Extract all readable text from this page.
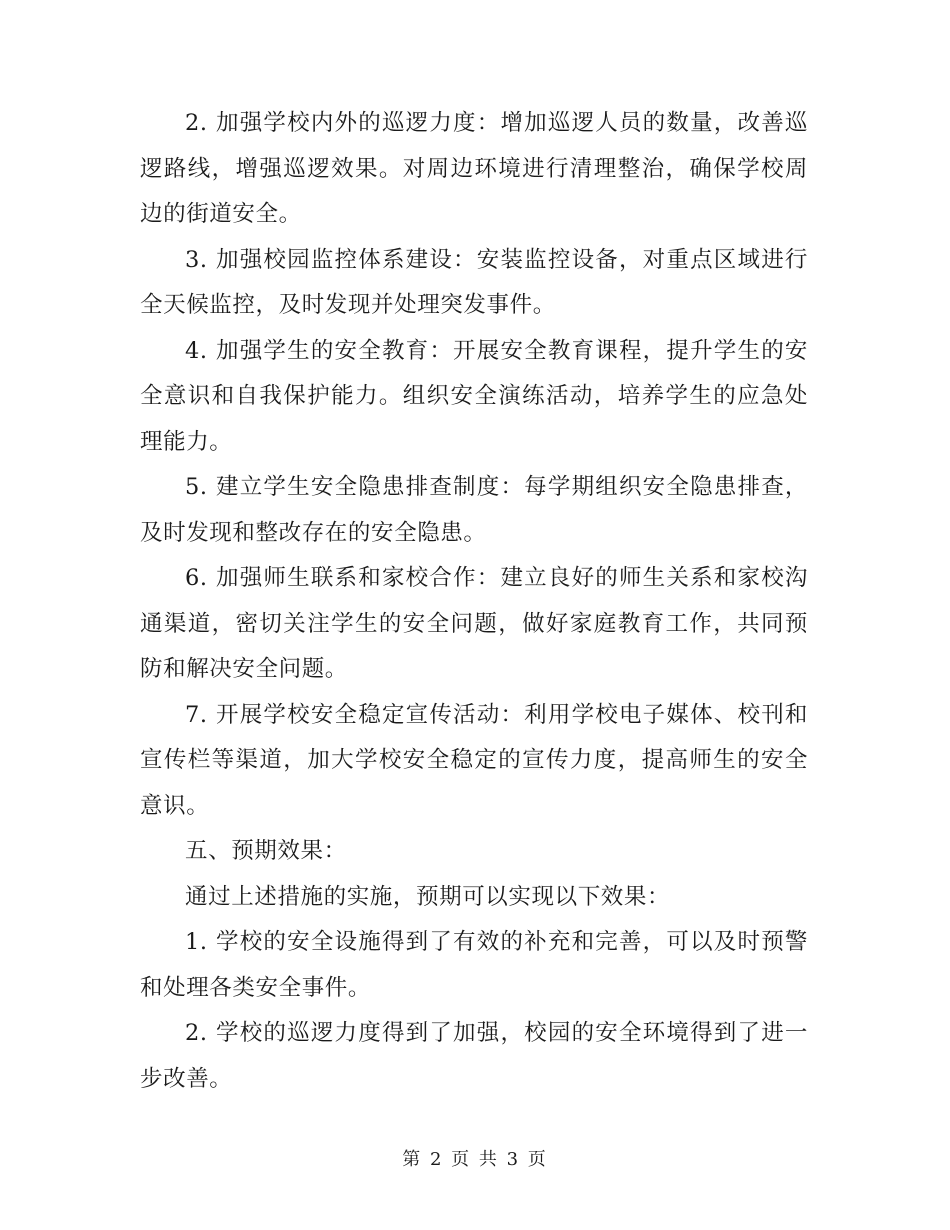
2. 加强学校内外的巡逻力度：增加巡逻人员的数量，改善巡逻路线，增强巡逻效果。对周边环境进行清理整治，确保学校周边的街道安全。

3. 加强校园监控体系建设：安装监控设备，对重点区域进行全天候监控，及时发现并处理突发事件。

4. 加强学生的安全教育：开展安全教育课程，提升学生的安全意识和自我保护能力。组织安全演练活动，培养学生的应急处理能力。

5. 建立学生安全隐患排查制度：每学期组织安全隐患排查，及时发现和整改存在的安全隐患。

6. 加强师生联系和家校合作：建立良好的师生关系和家校沟通渠道，密切关注学生的安全问题，做好家庭教育工作，共同预防和解决安全问题。

7. 开展学校安全稳定宣传活动：利用学校电子媒体、校刊和宣传栏等渠道，加大学校安全稳定的宣传力度，提高师生的安全意识。

五、预期效果：

通过上述措施的实施，预期可以实现以下效果：

1. 学校的安全设施得到了有效的补充和完善，可以及时预警和处理各类安全事件。

2. 学校的巡逻力度得到了加强，校园的安全环境得到了进一步改善。

第 2 页 共 3 页
